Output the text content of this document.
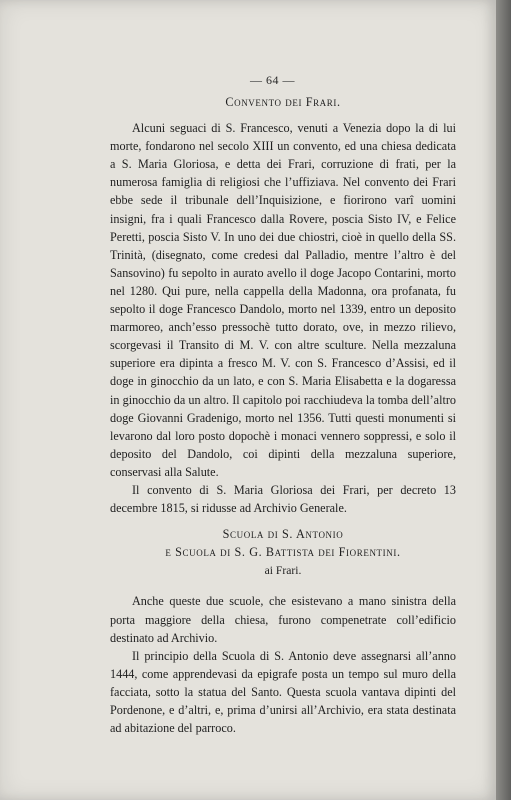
— 64 —
Convento dei Frari.

Alcuni seguaci di S. Francesco, venuti a Venezia dopo la di lui morte, fondarono nel secolo XIII un convento, ed una chiesa dedicata a S. Maria Gloriosa, e detta dei Frari, corruzione di frati, per la numerosa famiglia di religiosi che l’uffiziava. Nel convento dei Frari ebbe sede il tribunale dell’Inquisizione, e fiorirono varî uomini insigni, fra i quali Francesco dalla Rovere, poscia Sisto IV, e Felice Peretti, poscia Sisto V. In uno dei due chiostri, cioè in quello della SS. Trinità, (disegnato, come credesi dal Palladio, mentre l’altro è del Sansovino) fu sepolto in aurato avello il doge Jacopo Contarini, morto nel 1280. Qui pure, nella cappella della Madonna, ora profanata, fu sepolto il doge Francesco Dandolo, morto nel 1339, entro un deposito marmoreo, anch’esso pressochè tutto dorato, ove, in mezzo rilievo, scorgevasi il Transito di M. V. con altre sculture. Nella mezzaluna superiore era dipinta a fresco M. V. con S. Francesco d’Assisi, ed il doge in ginocchio da un lato, e con S. Maria Elisabetta e la dogaressa in ginocchio da un altro. Il capitolo poi racchiudeva la tomba dell’altro doge Giovanni Gradenigo, morto nel 1356. Tutti questi monumenti si levarono dal loro posto dopochè i monaci vennero soppressi, e solo il deposito del Dandolo, coi dipinti della mezzaluna superiore, conservasi alla Salute.

Il convento di S. Maria Gloriosa dei Frari, per decreto 13 decembre 1815, si ridusse ad Archivio Generale.

Scuola di S. Antonio
e Scuola di S. G. Battista dei Fiorentini.
ai Frari.

Anche queste due scuole, che esistevano a mano sinistra della porta maggiore della chiesa, furono compenetrate coll’edificio destinato ad Archivio.

Il principio della Scuola di S. Antonio deve assegnarsi all’anno 1444, come apprendevasi da epigrafe posta un tempo sul muro della facciata, sotto la statua del Santo. Questa scuola vantava dipinti del Pordenone, e d’altri, e, prima d’unirsi all’Archivio, era stata destinata ad abitazione del parroco.
